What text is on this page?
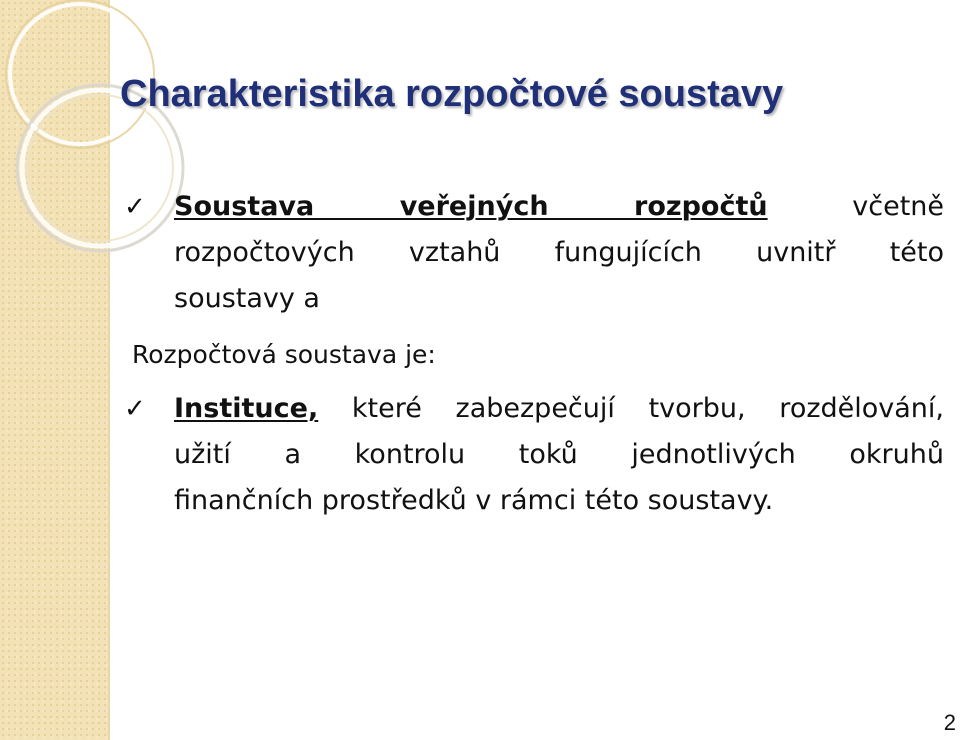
Charakteristika rozpočtové soustavy
✓ Soustava veřejných rozpočtů včetně

rozpočtových vztahů fungujících uvnitř této

soustavy a

Rozpočtová soustava je:
✓ Instituce, které zabezpečují tvorbu, rozdělování,

užití a kontrolu toků jednotlivých okruhů

finančních prostředků v rámci této soustavy.

2
